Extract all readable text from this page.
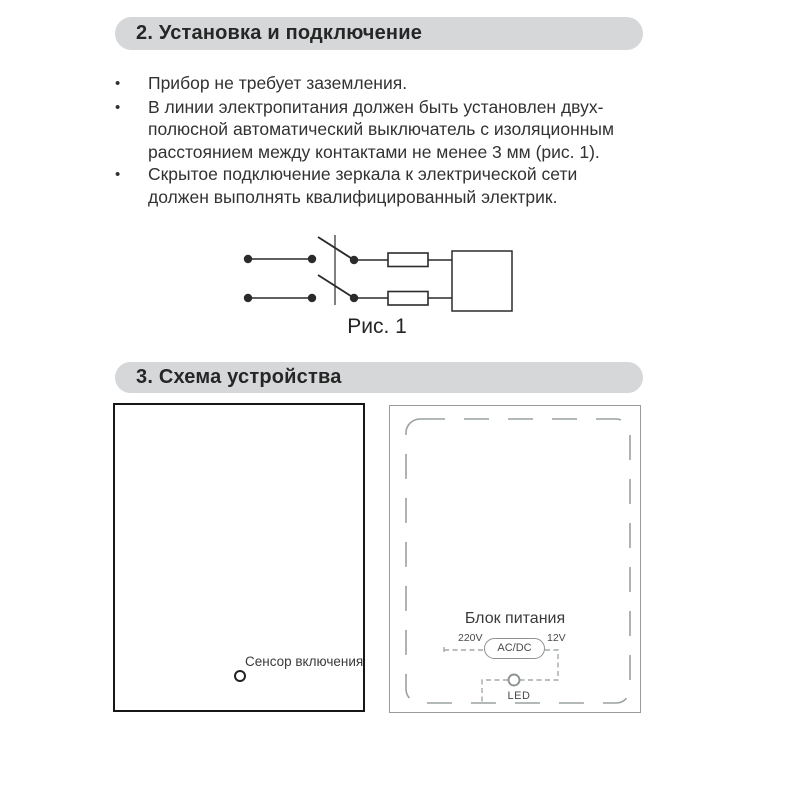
2. Установка и подключение
•	Прибор не требует заземления.
•	В линии электропитания должен быть установлен двух-
полюсной автоматический выключатель с изоляционным
расстоянием между контактами не менее 3 мм (рис. 1).
•	Скрытое подключение зеркала к электрической сети
должен выполнять квалифицированный электрик.
Рис. 1
3. Схема устройства
Сенсор включения
Блок питания
220V	12V
AC/DC
LED
